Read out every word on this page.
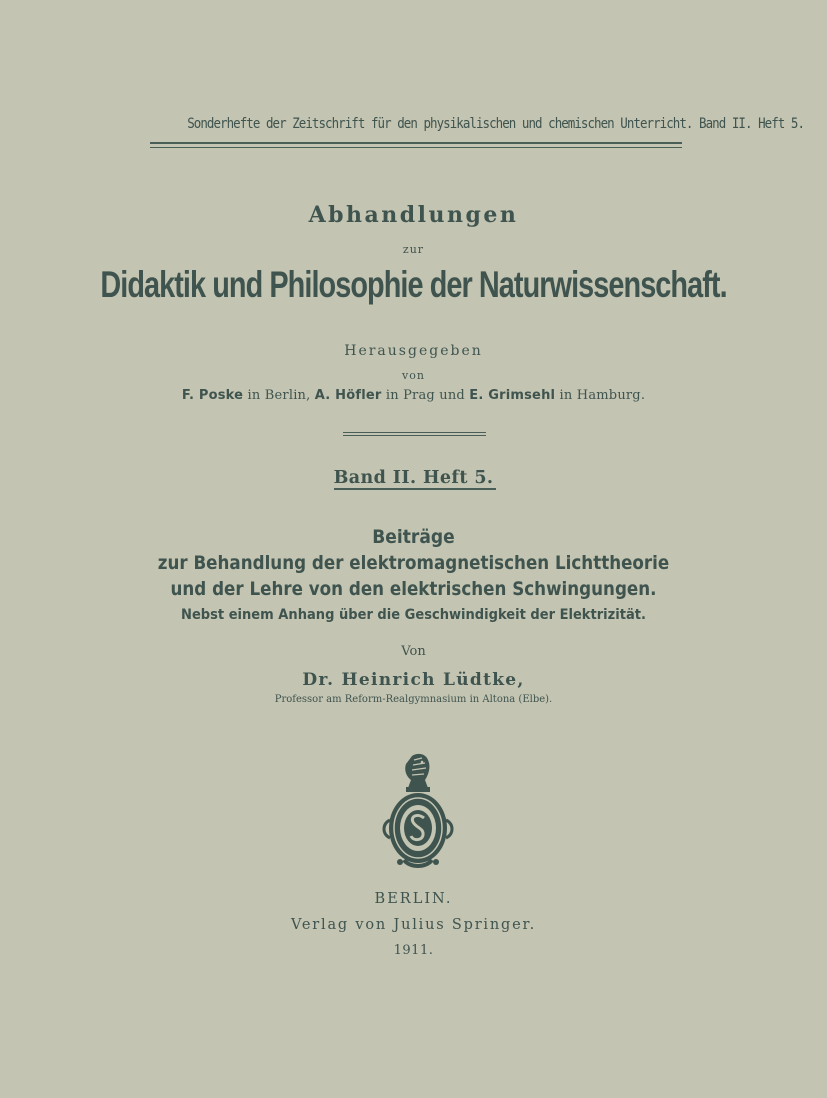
Sonderhefte der Zeitschrift für den physikalischen und chemischen Unterricht. Band II. Heft 5.
Abhandlungen
zur
Didaktik und Philosophie der Naturwissenschaft.
Herausgegeben
von
F. Poske in Berlin, A. Höfler in Prag und E. Grimsehl in Hamburg.
Band II. Heft 5.
Beiträge
zur Behandlung der elektromagnetischen Lichttheorie
und der Lehre von den elektrischen Schwingungen.
Nebst einem Anhang über die Geschwindigkeit der Elektrizität.
Von
Dr. Heinrich Lüdtke,
Professor am Reform-Realgymnasium in Altona (Elbe).
BERLIN.
Verlag von Julius Springer.
1911.
